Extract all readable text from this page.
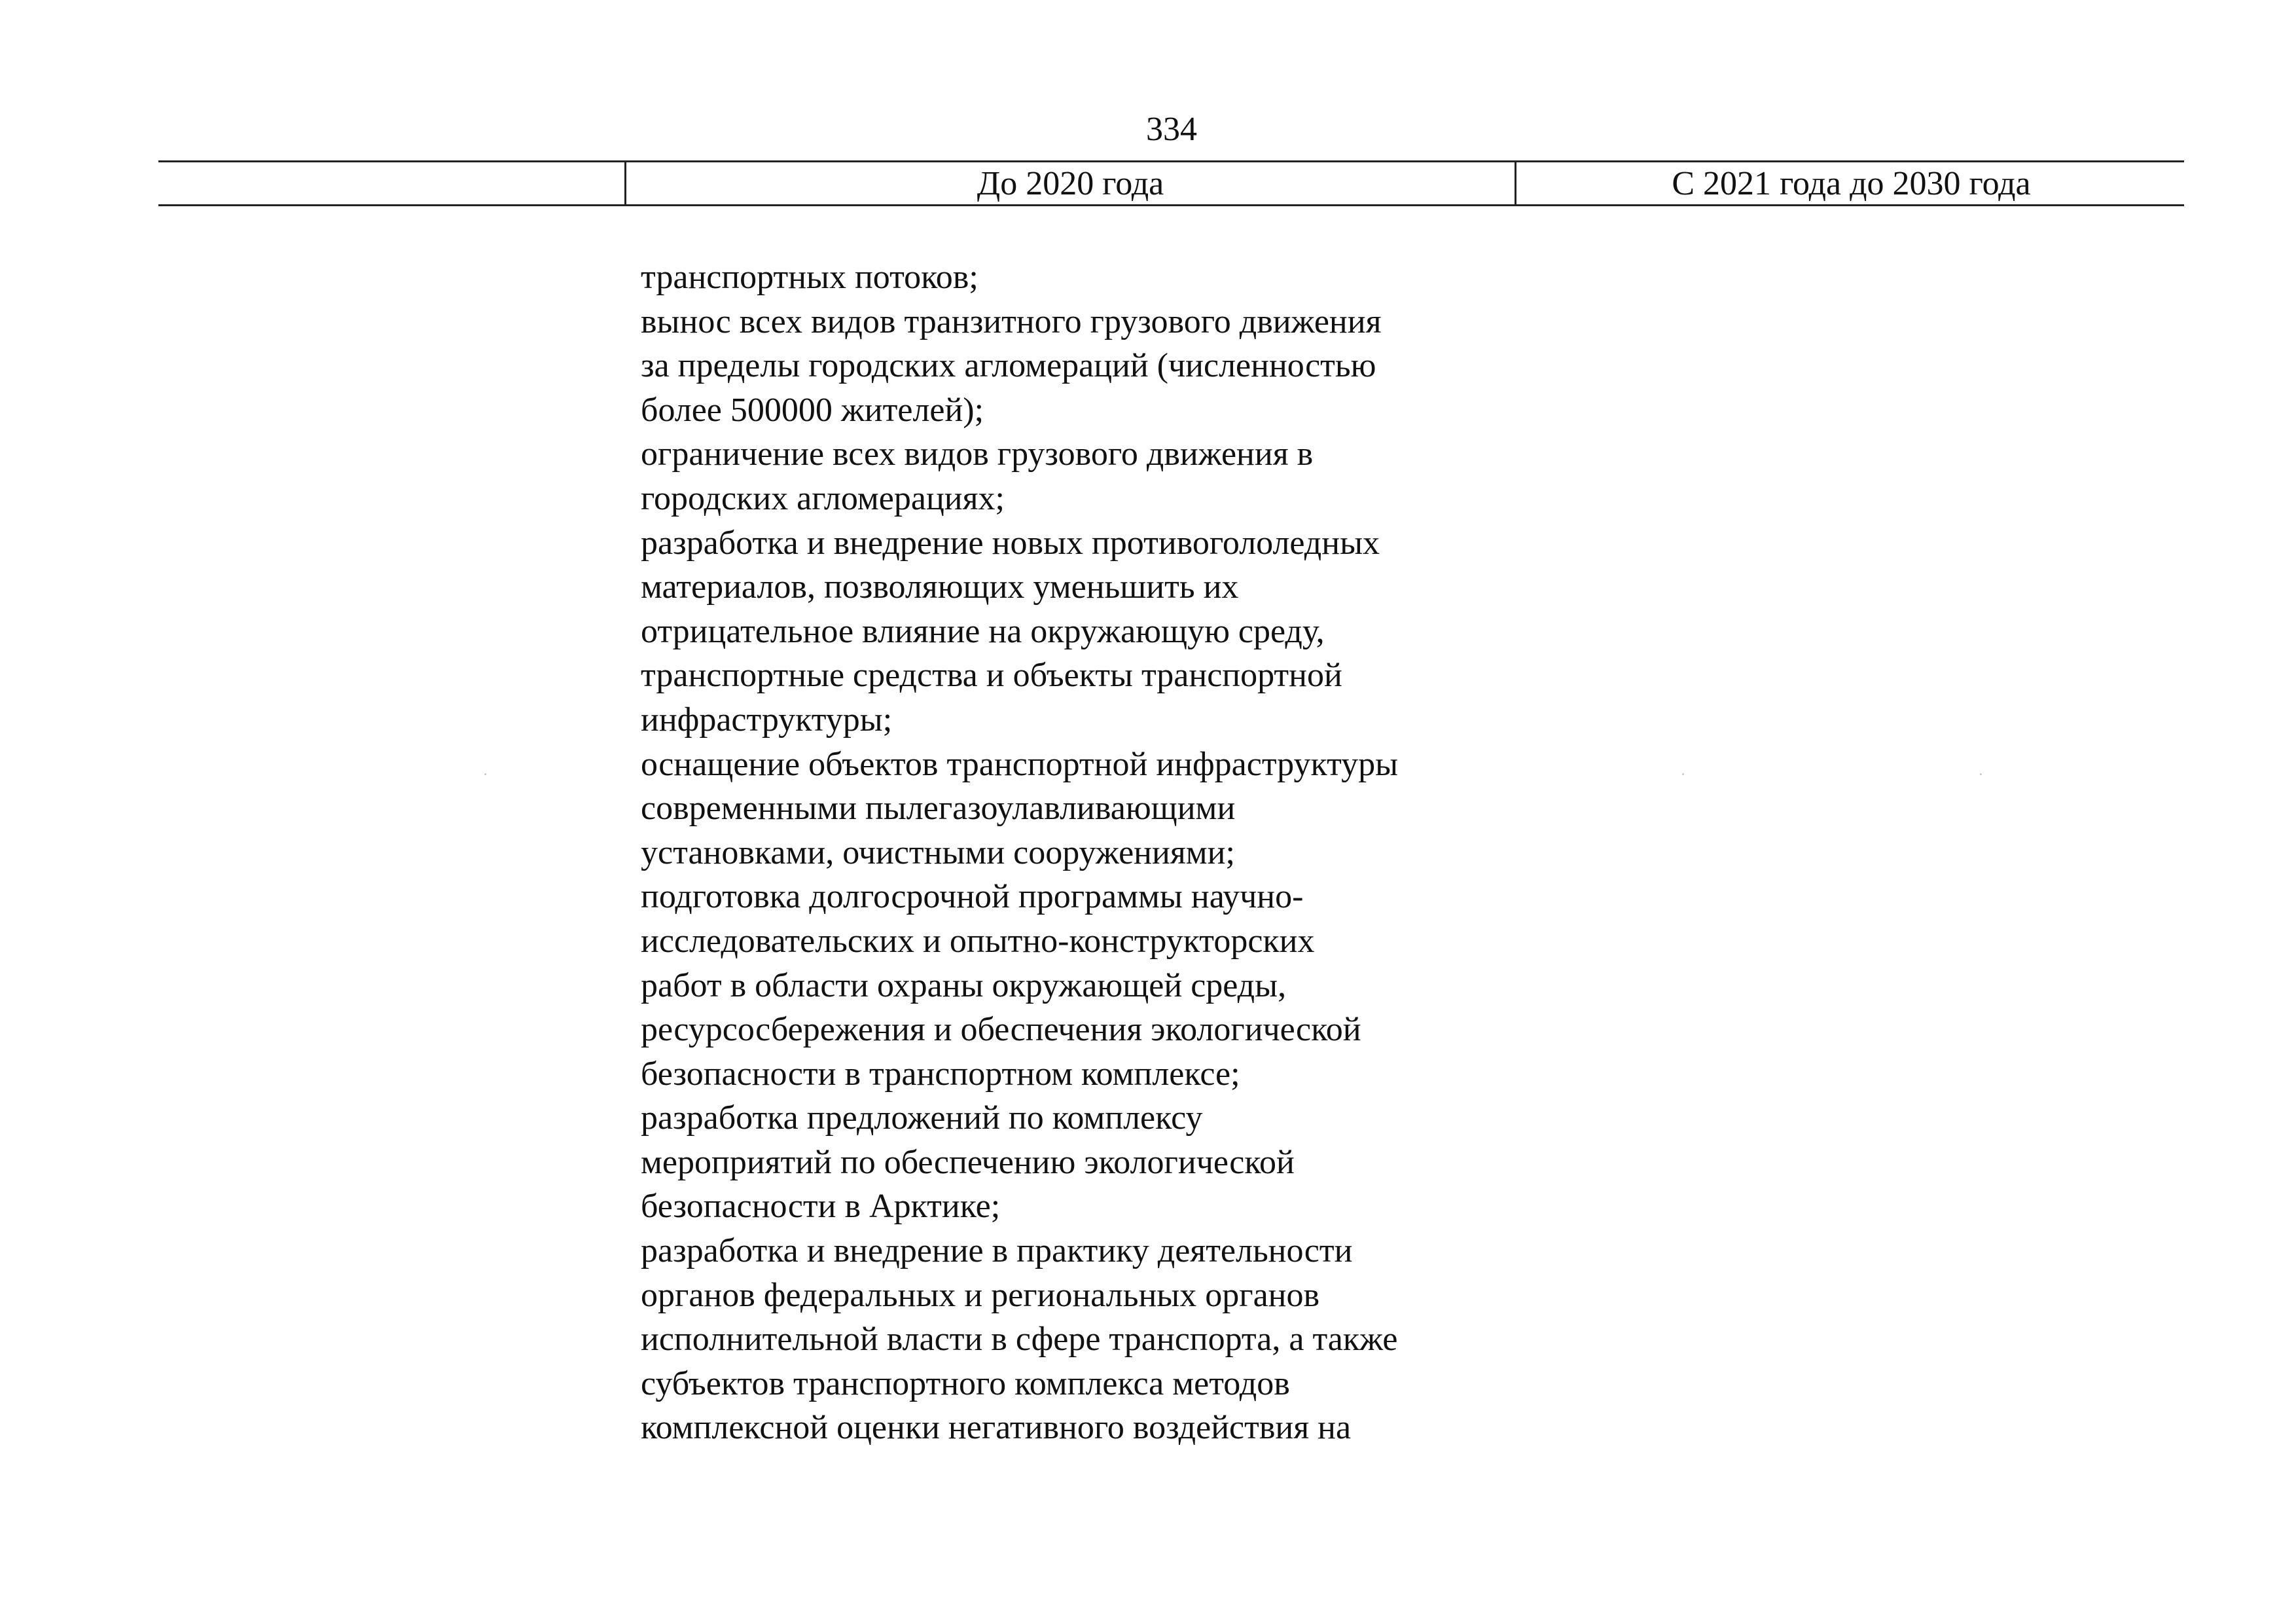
334
До 2020 года	С 2021 года до 2030 года
транспортных потоков;
вынос всех видов транзитного грузового движения
за пределы городских агломераций (численностью
более 500000 жителей);
ограничение всех видов грузового движения в
городских агломерациях;
разработка и внедрение новых противогололедных
материалов, позволяющих уменьшить их
отрицательное влияние на окружающую среду,
транспортные средства и объекты транспортной
инфраструктуры;
оснащение объектов транспортной инфраструктуры
современными пылегазоулавливающими
установками, очистными сооружениями;
подготовка долгосрочной программы научно-
исследовательских и опытно-конструкторских
работ в области охраны окружающей среды,
ресурсосбережения и обеспечения экологической
безопасности в транспортном комплексе;
разработка предложений по комплексу
мероприятий по обеспечению экологической
безопасности в Арктике;
разработка и внедрение в практику деятельности
органов федеральных и региональных органов
исполнительной власти в сфере транспорта, а также
субъектов транспортного комплекса методов
комплексной оценки негативного воздействия на
